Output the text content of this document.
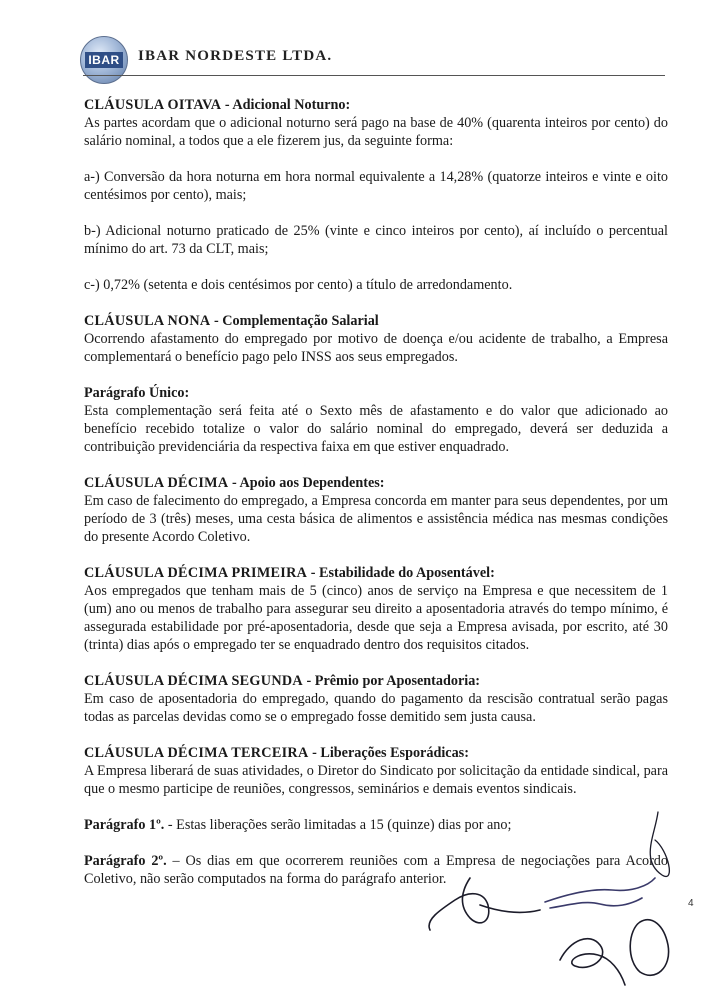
IBAR IBAR NORDESTE LTDA.
CLÁUSULA OITAVA - Adicional Noturno:

As partes acordam que o adicional noturno será pago na base de 40% (quarenta inteiros por cento) do salário nominal, a todos que a ele fizerem jus, da seguinte forma:

a-) Conversão da hora noturna em hora normal equivalente a 14,28% (quatorze inteiros e vinte e oito centésimos por cento), mais;

b-) Adicional noturno praticado de 25% (vinte e cinco inteiros por cento), aí incluído o percentual mínimo do art. 73 da CLT, mais;

c-) 0,72% (setenta e dois centésimos por cento) a título de arredondamento.

CLÁUSULA NONA - Complementação Salarial

Ocorrendo afastamento do empregado por motivo de doença e/ou acidente de trabalho, a Empresa complementará o benefício pago pelo INSS aos seus empregados.

Parágrafo Único:

Esta complementação será feita até o Sexto mês de afastamento e do valor que adicionado ao benefício recebido totalize o valor do salário nominal do empregado, deverá ser deduzida a contribuição previdenciária da respectiva faixa em que estiver enquadrado.

CLÁUSULA DÉCIMA - Apoio aos Dependentes:

Em caso de falecimento do empregado, a Empresa concorda em manter para seus dependentes, por um período de 3 (três) meses, uma cesta básica de alimentos e assistência médica nas mesmas condições do presente Acordo Coletivo.

CLÁUSULA DÉCIMA PRIMEIRA - Estabilidade do Aposentável:

Aos empregados que tenham mais de 5 (cinco) anos de serviço na Empresa e que necessitem de 1 (um) ano ou menos de trabalho para assegurar seu direito a aposentadoria através do tempo mínimo, é assegurada estabilidade por pré-aposentadoria, desde que seja a Empresa avisada, por escrito, até 30 (trinta) dias após o empregado ter se enquadrado dentro dos requisitos citados.

CLÁUSULA DÉCIMA SEGUNDA - Prêmio por Aposentadoria:

Em caso de aposentadoria do empregado, quando do pagamento da rescisão contratual serão pagas todas as parcelas devidas como se o empregado fosse demitido sem justa causa.

CLÁUSULA DÉCIMA TERCEIRA - Liberações Esporádicas:

A Empresa liberará de suas atividades, o Diretor do Sindicato por solicitação da entidade sindical, para que o mesmo participe de reuniões, congressos, seminários e demais eventos sindicais.

Parágrafo 1º. - Estas liberações serão limitadas a 15 (quinze) dias por ano;

Parágrafo 2º. – Os dias em que ocorrerem reuniões com a Empresa de negociações para Acordo Coletivo, não serão computados na forma do parágrafo anterior.

4
